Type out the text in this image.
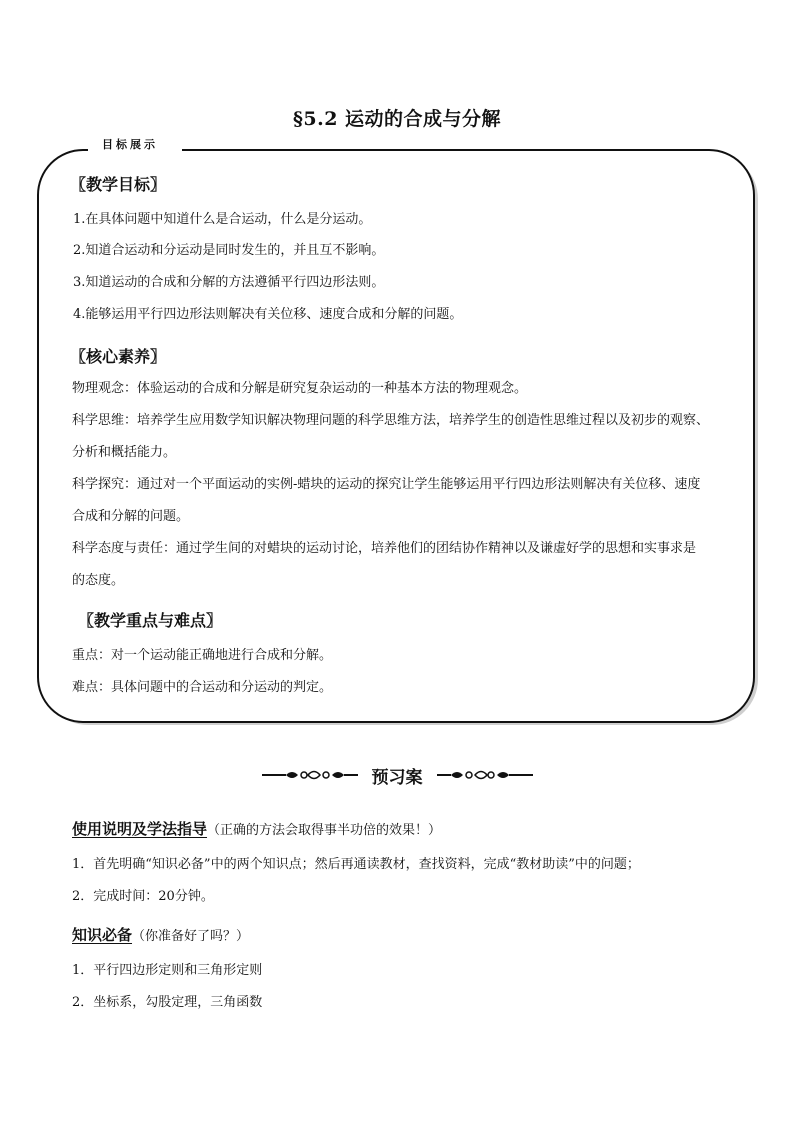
§5.2 运动的合成与分解
目标展示
〖教学目标〗
1.在具体问题中知道什么是合运动，什么是分运动。
2.知道合运动和分运动是同时发生的，并且互不影响。
3.知道运动的合成和分解的方法遵循平行四边形法则。
4.能够运用平行四边形法则解决有关位移、速度合成和分解的问题。
〖核心素养〗
物理观念：体验运动的合成和分解是研究复杂运动的一种基本方法的物理观念。
科学思维：培养学生应用数学知识解决物理问题的科学思维方法，培养学生的创造性思维过程以及初步的观察、
分析和概括能力。
科学探究：通过对一个平面运动的实例-蜡块的运动的探究让学生能够运用平行四边形法则解决有关位移、速度
合成和分解的问题。
科学态度与责任：通过学生间的对蜡块的运动讨论，培养他们的团结协作精神以及谦虚好学的思想和实事求是
的态度。
〖教学重点与难点〗
重点：对一个运动能正确地进行合成和分解。
难点：具体问题中的合运动和分运动的判定。
预习案
使用说明及学法指导（正确的方法会取得事半功倍的效果！）
1．首先明确“知识必备”中的两个知识点；然后再通读教材，查找资料，完成“教材助读”中的问题；
2．完成时间：20分钟。
知识必备（你准备好了吗？）
1．平行四边形定则和三角形定则
2．坐标系，勾股定理，三角函数
